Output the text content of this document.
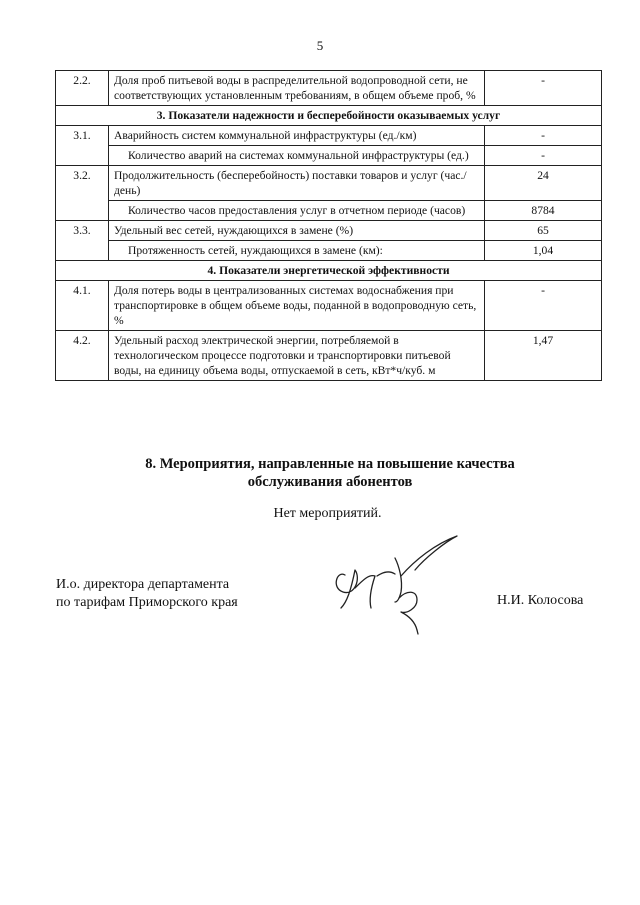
5
2.2.	Доля проб питьевой воды в распределительной водопроводной сети, не соответствующих установленным требованиям, в общем объеме проб, %	-
3. Показатели надежности и бесперебойности оказываемых услуг		
3.1.	Аварийность систем коммунальной инфраструктуры (ед./км)	-

	Количество аварий на системах коммунальной инфраструктуры (ед.)	-
3.2.	Продолжительность (бесперебойность) поставки товаров и услуг (час./день)	24

	Количество часов предоставления услуг в отчетном периоде (часов)	8784
3.3.	Удельный вес сетей, нуждающихся в замене (%)	65

	Протяженность сетей, нуждающихся в замене (км):	1,04
4. Показатели энергетической эффективности		
4.1.	Доля потерь воды в централизованных системах водоснабжения при транспортировке в общем объеме воды, поданной в водопроводную сеть, %	-
4.2.	Удельный расход электрической энергии, потребляемой в технологическом процессе подготовки и транспортировки питьевой воды, на единицу объема воды, отпускаемой в сеть, кВт*ч/куб. м	1,47
8. Мероприятия, направленные на повышение качества
обслуживания абонентов
Нет мероприятий.
И.о. директора департамента
по тарифам Приморского края	Н.И. Колосова
